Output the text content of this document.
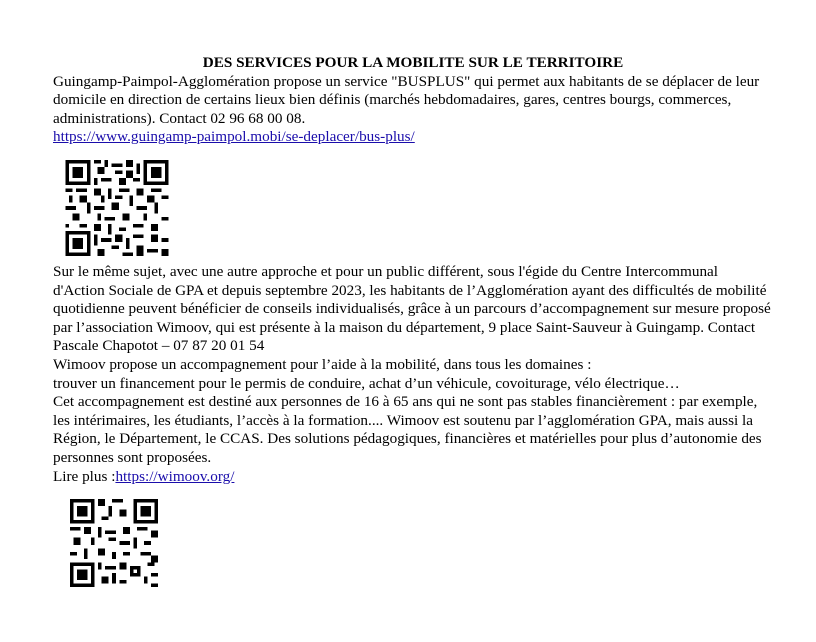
DES SERVICES POUR LA MOBILITE SUR LE TERRITOIRE

Guingamp-Paimpol-Agglomération propose un service "BUSPLUS" qui permet aux habitants de se déplacer de leur domicile en direction de certains lieux bien définis (marchés hebdomadaires, gares, centres bourgs, commerces, administrations). Contact 02 96 68 00 08.

https://www.guingamp-paimpol.mobi/se-deplacer/bus-plus/

Sur le même sujet, avec une autre approche et pour un public différent, sous l'égide du Centre Intercommunal d'Action Sociale de GPA et depuis septembre 2023, les habitants de l’Agglomération ayant des difficultés de mobilité quotidienne peuvent bénéficier de conseils individualisés, grâce à un parcours d’accompagnement sur mesure proposé par l’association Wimoov, qui est présente à la maison du département, 9 place Saint-Sauveur à Guingamp. Contact Pascale Chapotot – 07 87 20 01 54

Wimoov propose un accompagnement pour l’aide à la mobilité, dans tous les domaines :

trouver un financement pour le permis de conduire, achat d’un véhicule, covoiturage, vélo électrique…

Cet accompagnement est destiné aux personnes de 16 à 65 ans qui ne sont pas stables financièrement : par exemple, les intérimaires, les étudiants, l’accès à la formation.... Wimoov est soutenu par l’agglomération GPA, mais aussi la Région, le Département, le CCAS. Des solutions pédagogiques, financières et matérielles pour plus d’autonomie des personnes sont proposées.

Lire plus :https://wimoov.org/
